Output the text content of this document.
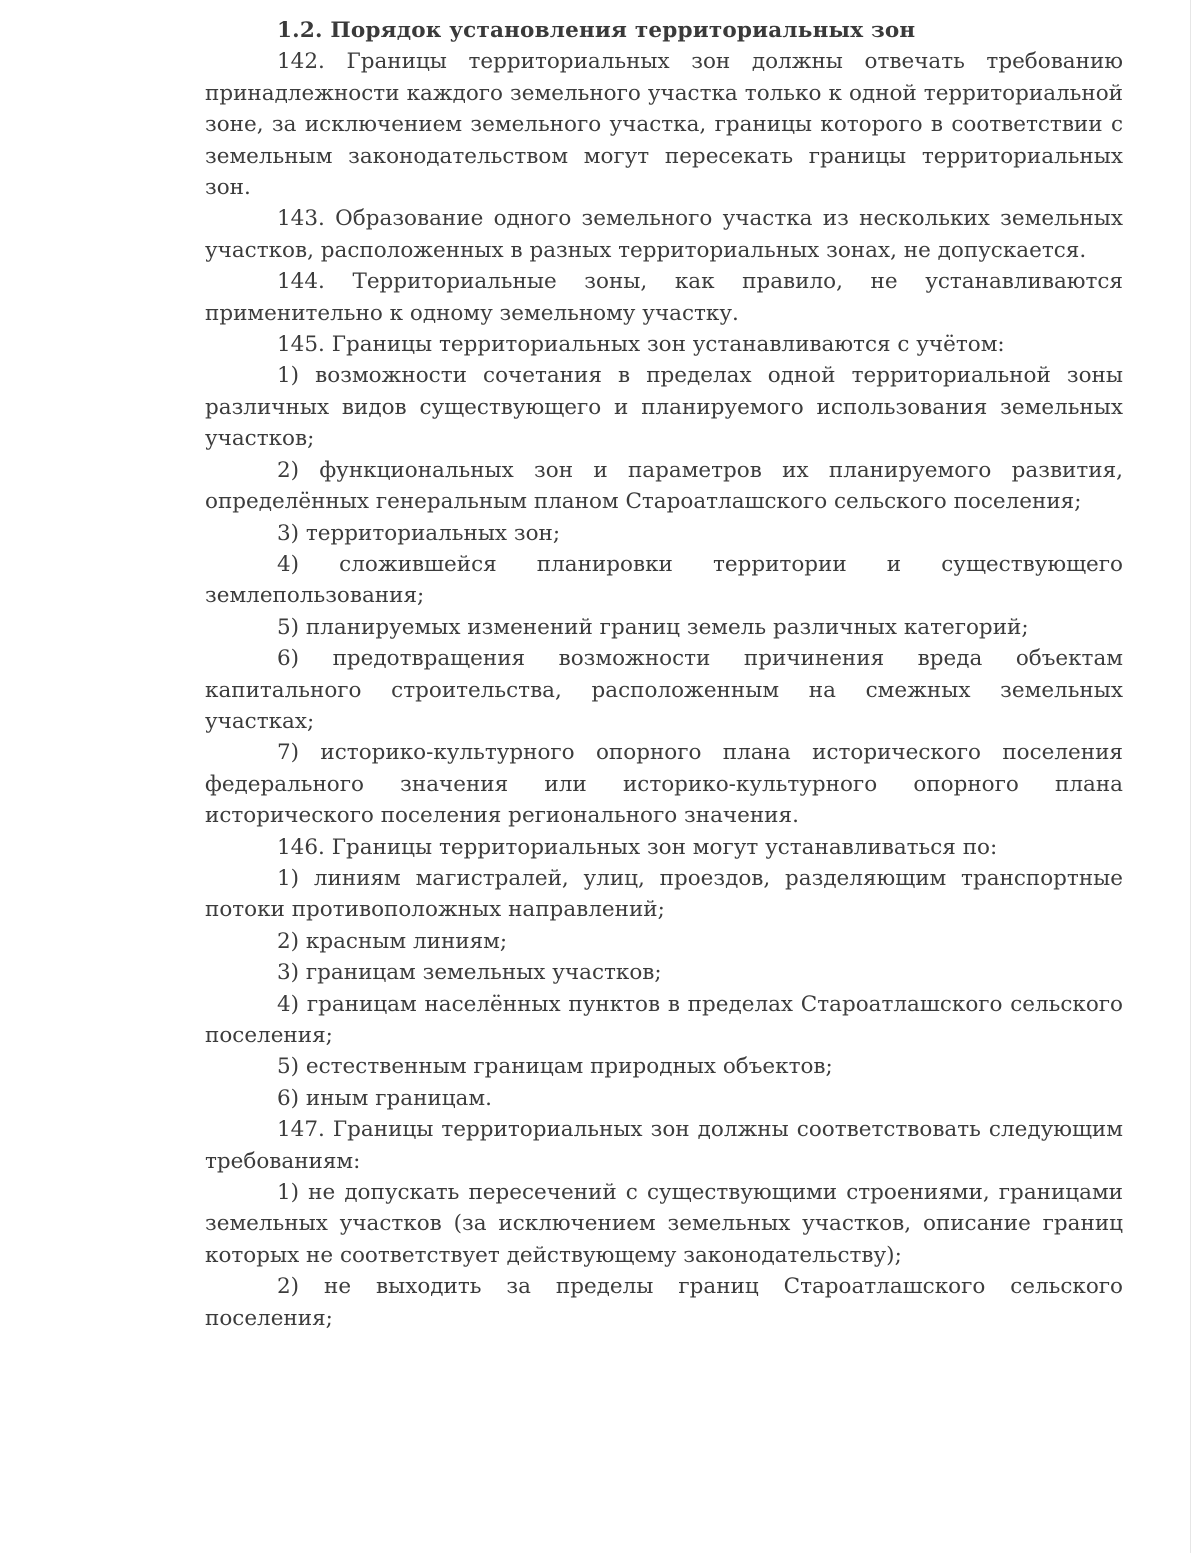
1.2. Порядок установления территориальных зон

142. Границы территориальных зон должны отвечать требованию принадлежности каждого земельного участка только к одной территориальной зоне, за исключением земельного участка, границы которого в соответствии с земельным законодательством могут пересекать границы территориальных зон.

143. Образование одного земельного участка из нескольких земельных участков, расположенных в разных территориальных зонах, не допускается.

144. Территориальные зоны, как правило, не устанавливаются применительно к одному земельному участку.

145. Границы территориальных зон устанавливаются с учётом:

1) возможности сочетания в пределах одной территориальной зоны различных видов существующего и планируемого использования земельных участков;

2) функциональных зон и параметров их планируемого развития, определённых генеральным планом Староатлашского сельского поселения;

3) территориальных зон;

4) сложившейся планировки территории и существующего землепользования;

5) планируемых изменений границ земель различных категорий;

6) предотвращения возможности причинения вреда объектам капитального строительства, расположенным на смежных земельных участках;

7) историко-культурного опорного плана исторического поселения федерального значения или историко-культурного опорного плана исторического поселения регионального значения.

146. Границы территориальных зон могут устанавливаться по:

1) линиям магистралей, улиц, проездов, разделяющим транспортные потоки противоположных направлений;

2) красным линиям;

3) границам земельных участков;

4) границам населённых пунктов в пределах Староатлашского сельского поселения;

5) естественным границам природных объектов;

6) иным границам.

147. Границы территориальных зон должны соответствовать следующим требованиям:

1) не допускать пересечений с существующими строениями, границами земельных участков (за исключением земельных участков, описание границ которых не соответствует действующему законодательству);

2) не выходить за пределы границ Староатлашского сельского поселения;
